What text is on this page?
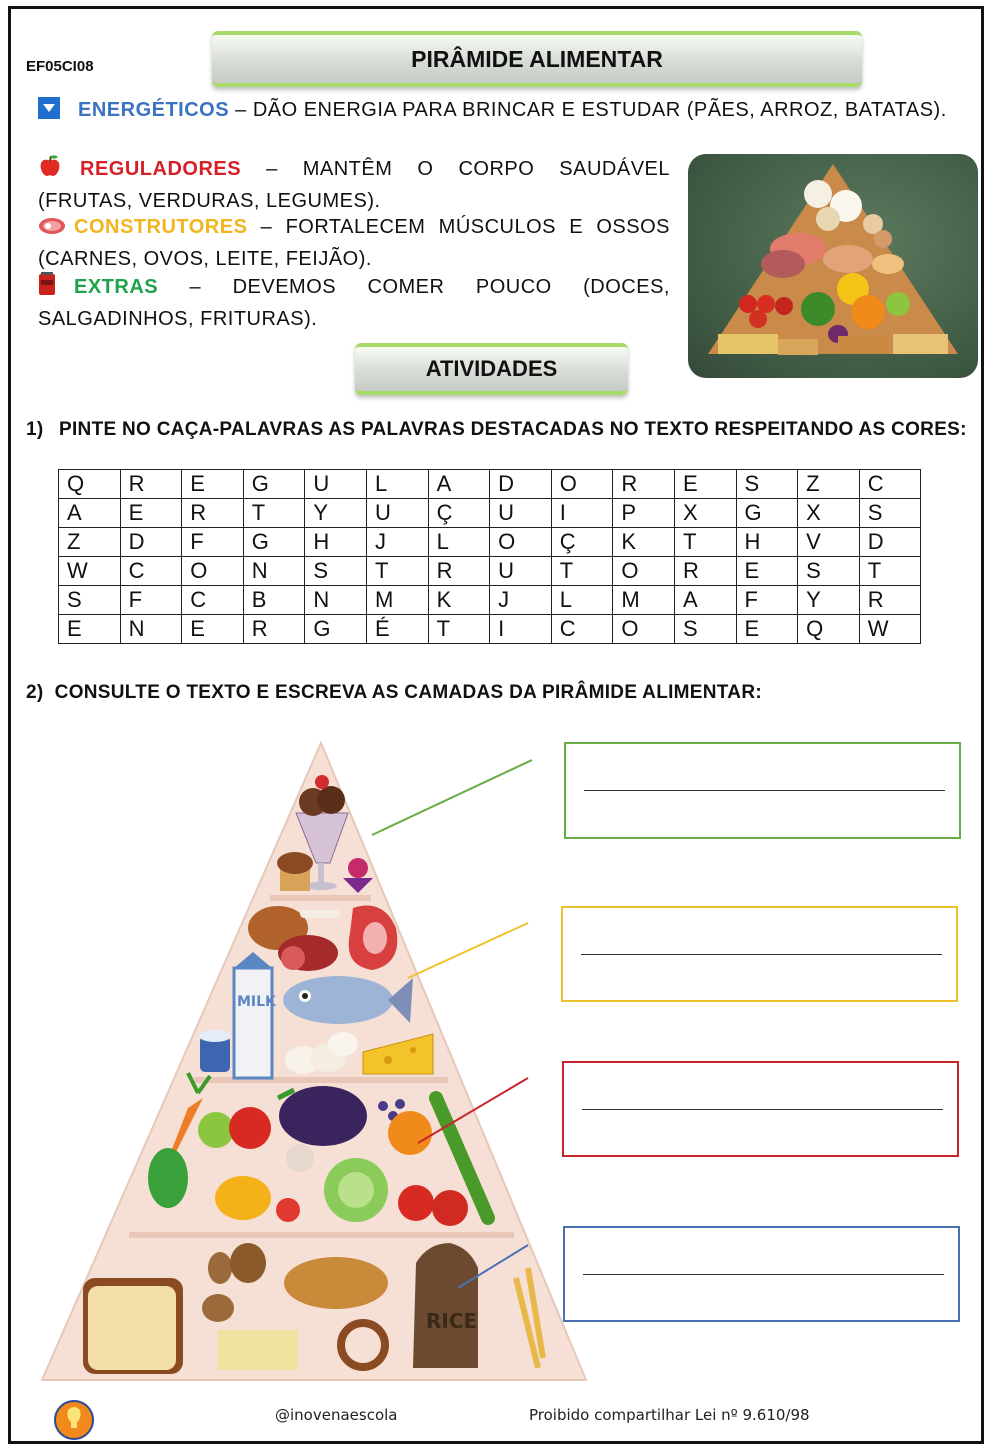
EF05CI08	PIRÂMIDE ALIMENTAR
ENERGÉTICOS – DÃO ENERGIA PARA BRINCAR E ESTUDAR (PÃES, ARROZ, BATATAS).
REGULADORES – MANTÊM O CORPO SAUDÁVEL (FRUTAS, VERDURAS, LEGUMES).
CONSTRUTORES – FORTALECEM MÚSCULOS E OSSOS (CARNES, OVOS, LEITE, FEIJÃO).
EXTRAS – DEVEMOS COMER POUCO (DOCES, SALGADINHOS, FRITURAS).
ATIVIDADES
1) PINTE NO CAÇA-PALAVRAS AS PALAVRAS DESTACADAS NO TEXTO RESPEITANDO AS CORES:
Q	R	E	G	U	L	A	D	O	R	E	S	Z	C
A	E	R	T	Y	U	Ç	U	I	P	X	G	X	S
Z	D	F	G	H	J	L	O	Ç	K	T	H	V	D
W	C	O	N	S	T	R	U	T	O	R	E	S	T
S	F	C	B	N	M	K	J	L	M	A	F	Y	R
E	N	E	R	G	É	T	I	C	O	S	E	Q	W
2) CONSULTE O TEXTO E ESCREVA AS CAMADAS DA PIRÂMIDE ALIMENTAR:
MILK
RICE
@inovenaescola	Proibido compartilhar Lei nº 9.610/98
